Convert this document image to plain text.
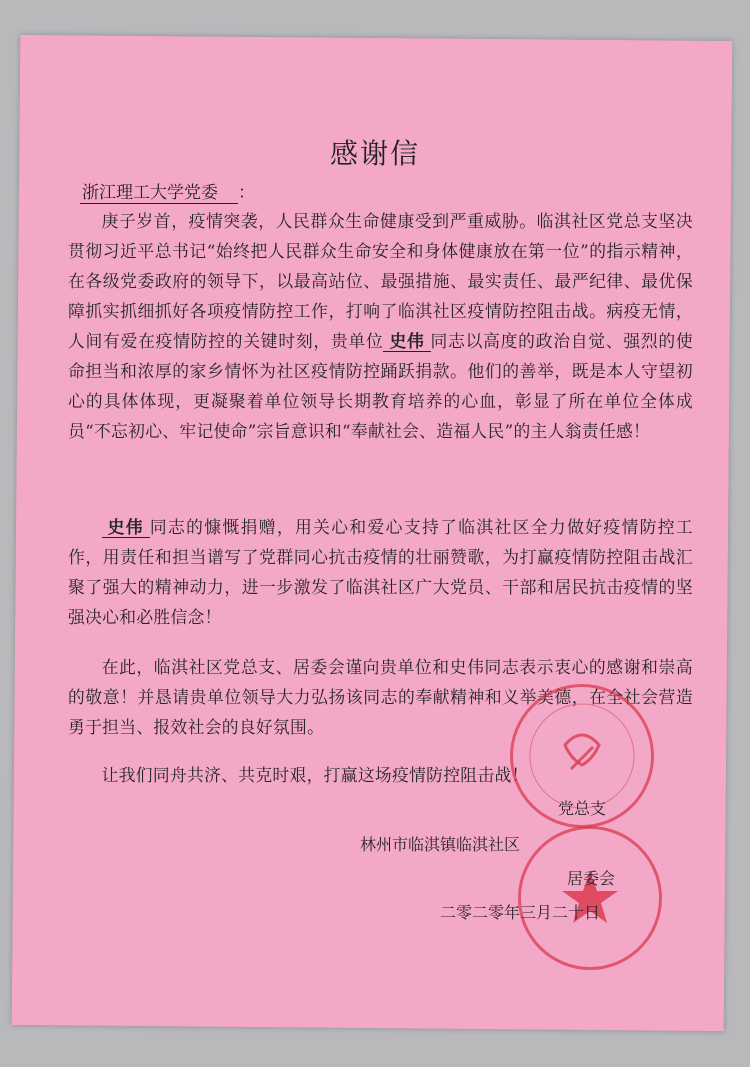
感谢信
浙江理工大学党委 ：
庚子岁首，疫情突袭，人民群众生命健康受到严重威胁。临淇社区党总支坚决贯彻习近平总书记“始终把人民群众生命安全和身体健康放在第一位”的指示精神，在各级党委政府的领导下，以最高站位、最强措施、最实责任、最严纪律、最优保障抓实抓细抓好各项疫情防控工作，打响了临淇社区疫情防控阻击战。病疫无情，人间有爱在疫情防控的关键时刻，贵单位 史伟 同志以高度的政治自觉、强烈的使命担当和浓厚的家乡情怀为社区疫情防控踊跃捐款。他们的善举，既是本人守望初心的具体体现，更凝聚着单位领导长期教育培养的心血，彰显了所在单位全体成员“不忘初心、牢记使命”宗旨意识和“奉献社会、造福人民”的主人翁责任感！
史伟 同志的慷慨捐赠，用关心和爱心支持了临淇社区全力做好疫情防控工作，用责任和担当谱写了党群同心抗击疫情的壮丽赞歌，为打赢疫情防控阻击战汇聚了强大的精神动力，进一步激发了临淇社区广大党员、干部和居民抗击疫情的坚强决心和必胜信念！
在此，临淇社区党总支、居委会谨向贵单位和史伟同志表示衷心的感谢和崇高的敬意！并恳请贵单位领导大力弘扬该同志的奉献精神和义举美德，在全社会营造勇于担当、报效社会的良好氛围。
让我们同舟共济、共克时艰，打赢这场疫情防控阻击战！
党总支
林州市临淇镇临淇社区
居委会
二零二零年三月二十日
